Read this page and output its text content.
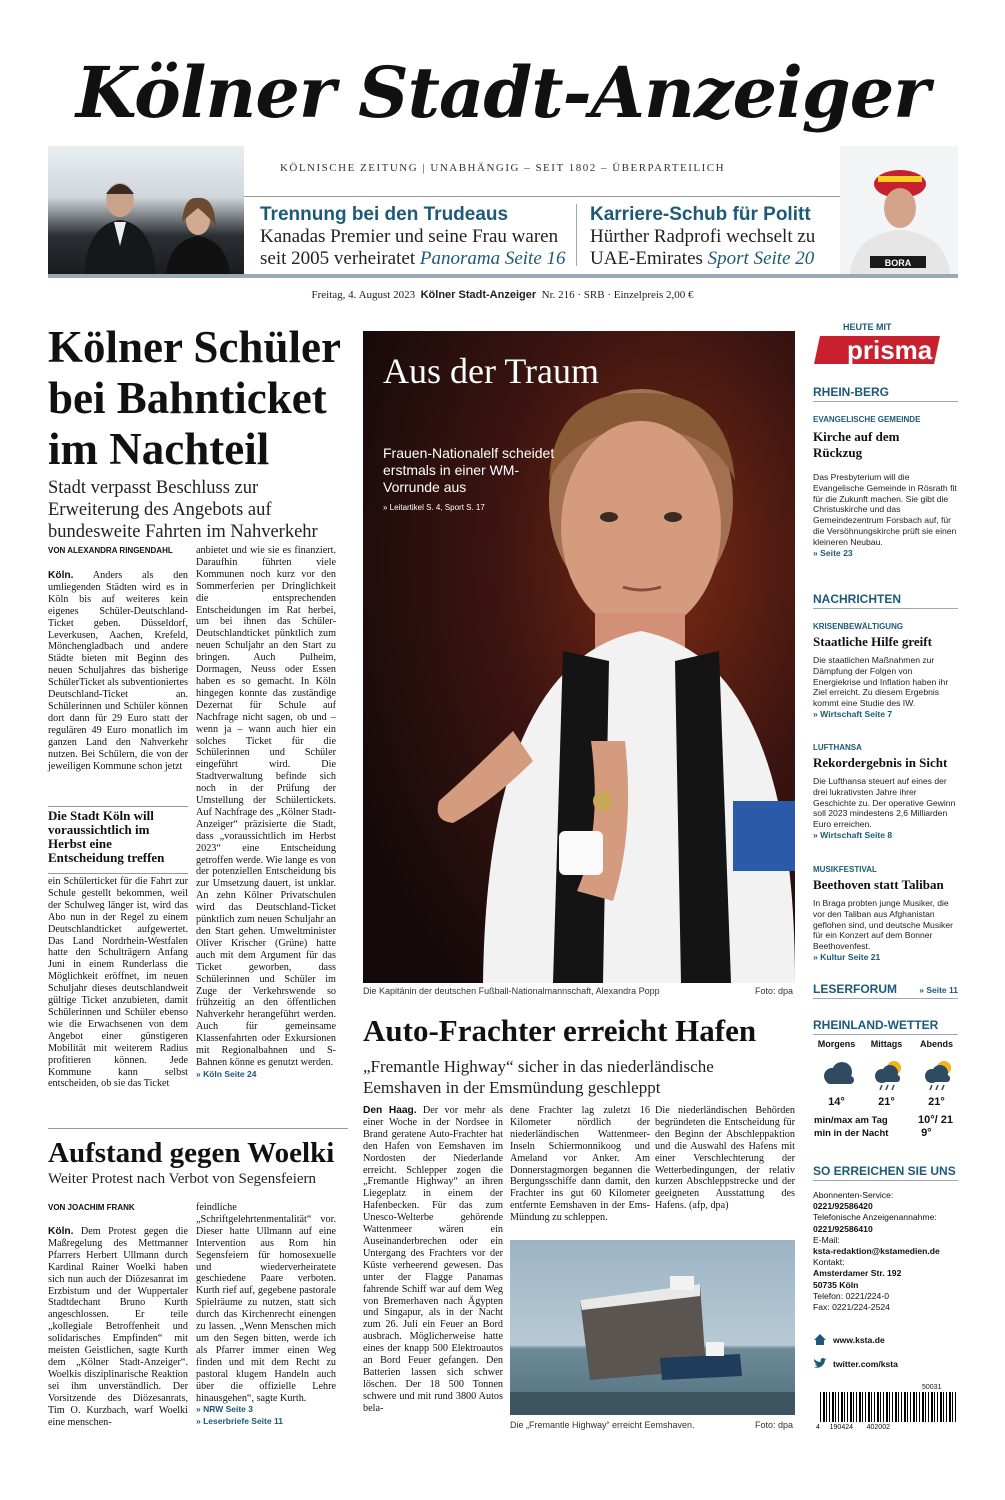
Kölner Stadt-Anzeiger
KÖLNISCHE ZEITUNG | UNABHÄNGIG – SEIT 1802 – ÜBERPARTEILICH
Trennung bei den Trudeaus
Kanadas Premier und seine Frau waren
seit 2005 verheiratet Panorama Seite 16
Karriere-Schub für Politt
Hürther Radprofi wechselt zu
UAE-Emirates Sport Seite 20	BORA
Freitag, 4. August 2023 Kölner Stadt-Anzeiger Nr. 216 · SRB · Einzelpreis 2,00 €
Kölner Schüler bei Bahnticket im Nachteil
Stadt verpasst Beschluss zur Erweiterung des Angebots auf bundesweite Fahrten im Nahverkehr
VON ALEXANDRA RINGENDAHL
Köln. Anders als den umliegenden Städten wird es in Köln bis auf weiteres kein eigenes Schüler-Deutschland-Ticket geben. Düsseldorf, Leverkusen, Aachen, Krefeld, Mönchengladbach und andere Städte bieten mit Beginn des neuen Schuljahres das bisherige SchülerTicket als subventioniertes Deutschland-Ticket an. Schülerinnen und Schüler können dort dann für 29 Euro statt der regulären 49 Euro monatlich im ganzen Land den Nahverkehr nutzen. Bei Schülern, die von der jeweiligen Kommune schon jetzt
Die Stadt Köln will voraussichtlich im Herbst eine Entscheidung treffen
ein Schülerticket für die Fahrt zur Schule gestellt bekommen, weil der Schulweg länger ist, wird das Abo nun in der Regel zu einem Deutschlandticket aufgewertet. Das Land Nordrhein-Westfalen hatte den Schulträgern Anfang Juni in einem Runderlass die Möglichkeit eröffnet, im neuen Schuljahr dieses deutschlandweit gültige Ticket anzubieten, damit Schülerinnen und Schüler ebenso wie die Erwachsenen von dem Angebot einer günstigeren Mobilität mit weiterem Radius profitieren können. Jede Kommune kann selbst entscheiden, ob sie das Ticket
anbietet und wie sie es finanziert. Daraufhin führten viele Kommunen noch kurz vor den Sommerferien per Dringlichkeit die entsprechenden Entscheidungen im Rat herbei, um bei ihnen das Schüler-Deutschlandticket pünktlich zum neuen Schuljahr an den Start zu bringen. Auch Pulheim, Dormagen, Neuss oder Essen haben es so gemacht. In Köln hingegen konnte das zuständige Dezernat für Schule auf Nachfrage nicht sagen, ob und – wenn ja – wann auch hier ein solches Ticket für die Schülerinnen und Schüler eingeführt wird. Die Stadtverwaltung befinde sich noch in der Prüfung der Umstellung der Schülertickets. Auf Nachfrage des „Kölner Stadt-Anzeiger“ präzisierte die Stadt, dass „voraussichtlich im Herbst 2023“ eine Entscheidung getroffen werde. Wie lange es von der potenziellen Entscheidung bis zur Umsetzung dauert, ist unklar. An zehn Kölner Privatschulen wird das Deutschland-Ticket pünktlich zum neuen Schuljahr an den Start gehen. Umweltminister Oliver Krischer (Grüne) hatte auch mit dem Argument für das Ticket geworben, dass Schülerinnen und Schüler im Zuge der Verkehrswende so frühzeitig an den öffentlichen Nahverkehr herangeführt werden. Auch für gemeinsame Klassenfahrten oder Exkursionen mit Regionalbahnen und S-Bahnen könne es genutzt werden.
» Köln Seite 24
Aufstand gegen Woelki
Weiter Protest nach Verbot von Segensfeiern
VON JOACHIM FRANK
Köln. Dem Protest gegen die Maßregelung des Mettmanner Pfarrers Herbert Ullmann durch Kardinal Rainer Woelki haben sich nun auch der Diözesanrat im Erzbistum und der Wuppertaler Stadtdechant Bruno Kurth angeschlossen. Er teile „kollegiale Betroffenheit und solidarisches Empfinden“ mit meisten Geistlichen, sagte Kurth dem „Kölner Stadt-Anzeiger“. Woelkis disziplinarische Reaktion sei ihm unverständlich. Der Vorsitzende des Diözesanrats, Tim O. Kurzbach, warf Woelki eine menschen-
feindliche „Schriftgelehrtenmentalität“ vor. Dieser hatte Ullmann auf eine Intervention aus Rom hin Segensfeiern für homosexuelle und wiederverheiratete geschiedene Paare verboten. Kurth rief auf, gegebene pastorale Spielräume zu nutzen, statt sich durch das Kirchenrecht einengen zu lassen. „Wenn Menschen mich um den Segen bitten, werde ich als Pfarrer immer einen Weg finden und mit dem Recht zu pastoral klugem Handeln auch über die offizielle Lehre hinausgehen“, sagte Kurth.
» NRW Seite 3
» Leserbriefe Seite 11
Aus der Traum
Frauen-Nationalelf scheidet erstmals in einer WM-Vorrunde aus
» Leitartikel S. 4, Sport S. 17
Die Kapitänin der deutschen Fußball-Nationalmannschaft, Alexandra Popp	Foto: dpa
Auto-Frachter erreicht Hafen
„Fremantle Highway“ sicher in das niederländische Eemshaven in der Emsmündung geschleppt
Den Haag. Der vor mehr als einer Woche in der Nordsee in Brand geratene Auto-Frachter hat den Hafen von Eemshaven im Nordosten der Niederlande erreicht. Schlepper zogen die „Fremantle Highway“ an ihren Liegeplatz in einem der Hafenbecken. Für das zum Unesco-Welterbe gehörende Wattenmeer wären ein Auseinanderbrechen oder ein Untergang des Frachters vor der Küste verheerend gewesen. Das unter der Flagge Panamas fahrende Schiff war auf dem Weg von Bremerhaven nach Ägypten und Singapur, als in der Nacht zum 26. Juli ein Feuer an Bord ausbrach. Möglicherweise hatte eines der knapp 500 Elektroautos an Bord Feuer gefangen. Den Batterien lassen sich schwer löschen. Der 18 500 Tonnen schwere und mit rund 3800 Autos bela-
dene Frachter lag zuletzt 16 Kilometer nördlich der niederländischen Wattenmeer-Inseln Schiermonnikoog und Ameland vor Anker. Am Donnerstagmorgen begannen die Bergungsschiffe dann damit, den Frachter ins gut 60 Kilometer entfernte Eemshaven in der Ems-Mündung zu schleppen.
Die niederländischen Behörden begründeten die Entscheidung für den Beginn der Abschleppaktion und die Auswahl des Hafens mit einer Verschlechterung der Wetterbedingungen, der relativ kurzen Abschleppstrecke und der geeigneten Ausstattung des Hafens. (afp, dpa)
Die „Fremantle Highway“ erreicht Eemshaven.	Foto: dpa
HEUTE MIT
prisma
RHEIN-BERG
EVANGELISCHE GEMEINDE
Kirche auf dem Rückzug
Das Presbyterium will die Evangelische Gemeinde in Rösrath fit für die Zukunft machen. Sie gibt die Christuskirche und das Gemeindezentrum Forsbach auf, für die Versöhnungskirche prüft sie einen kleineren Neubau.
» Seite 23
NACHRICHTEN
KRISENBEWÄLTIGUNG
Staatliche Hilfe greift
Die staatlichen Maßnahmen zur Dämpfung der Folgen von Energiekrise und Inflation haben ihr Ziel erreicht. Zu diesem Ergebnis kommt eine Studie des IW.
» Wirtschaft Seite 7
LUFTHANSA
Rekordergebnis in Sicht
Die Lufthansa steuert auf eines der drei lukrativsten Jahre ihrer Geschichte zu. Der operative Gewinn soll 2023 mindestens 2,6 Milliarden Euro erreichen.
» Wirtschaft Seite 8
MUSIKFESTIVAL
Beethoven statt Taliban
In Braga probten junge Musiker, die vor den Taliban aus Afghanistan geflohen sind, und deutsche Musiker für ein Konzert auf dem Bonner Beethovenfest.
» Kultur Seite 21
LESERFORUM	» Seite 11
RHEINLAND-WETTER
Morgens	Mittags	Abends
14°	21°	21°
min/max am Tag
min in der Nacht
10°/ 21
9°
SO ERREICHEN SIE UNS
Abonnenten-Service:
0221/92586420
Telefonische Anzeigenannahme:
0221/92586410
E-Mail:
ksta-redaktion@kstamedien.de
Kontakt:
Amsterdamer Str. 192
50735 Köln
Telefon: 0221/224-0
Fax: 0221/224-2524
www.ksta.de
twitter.com/ksta
50031
4 190424 402002
